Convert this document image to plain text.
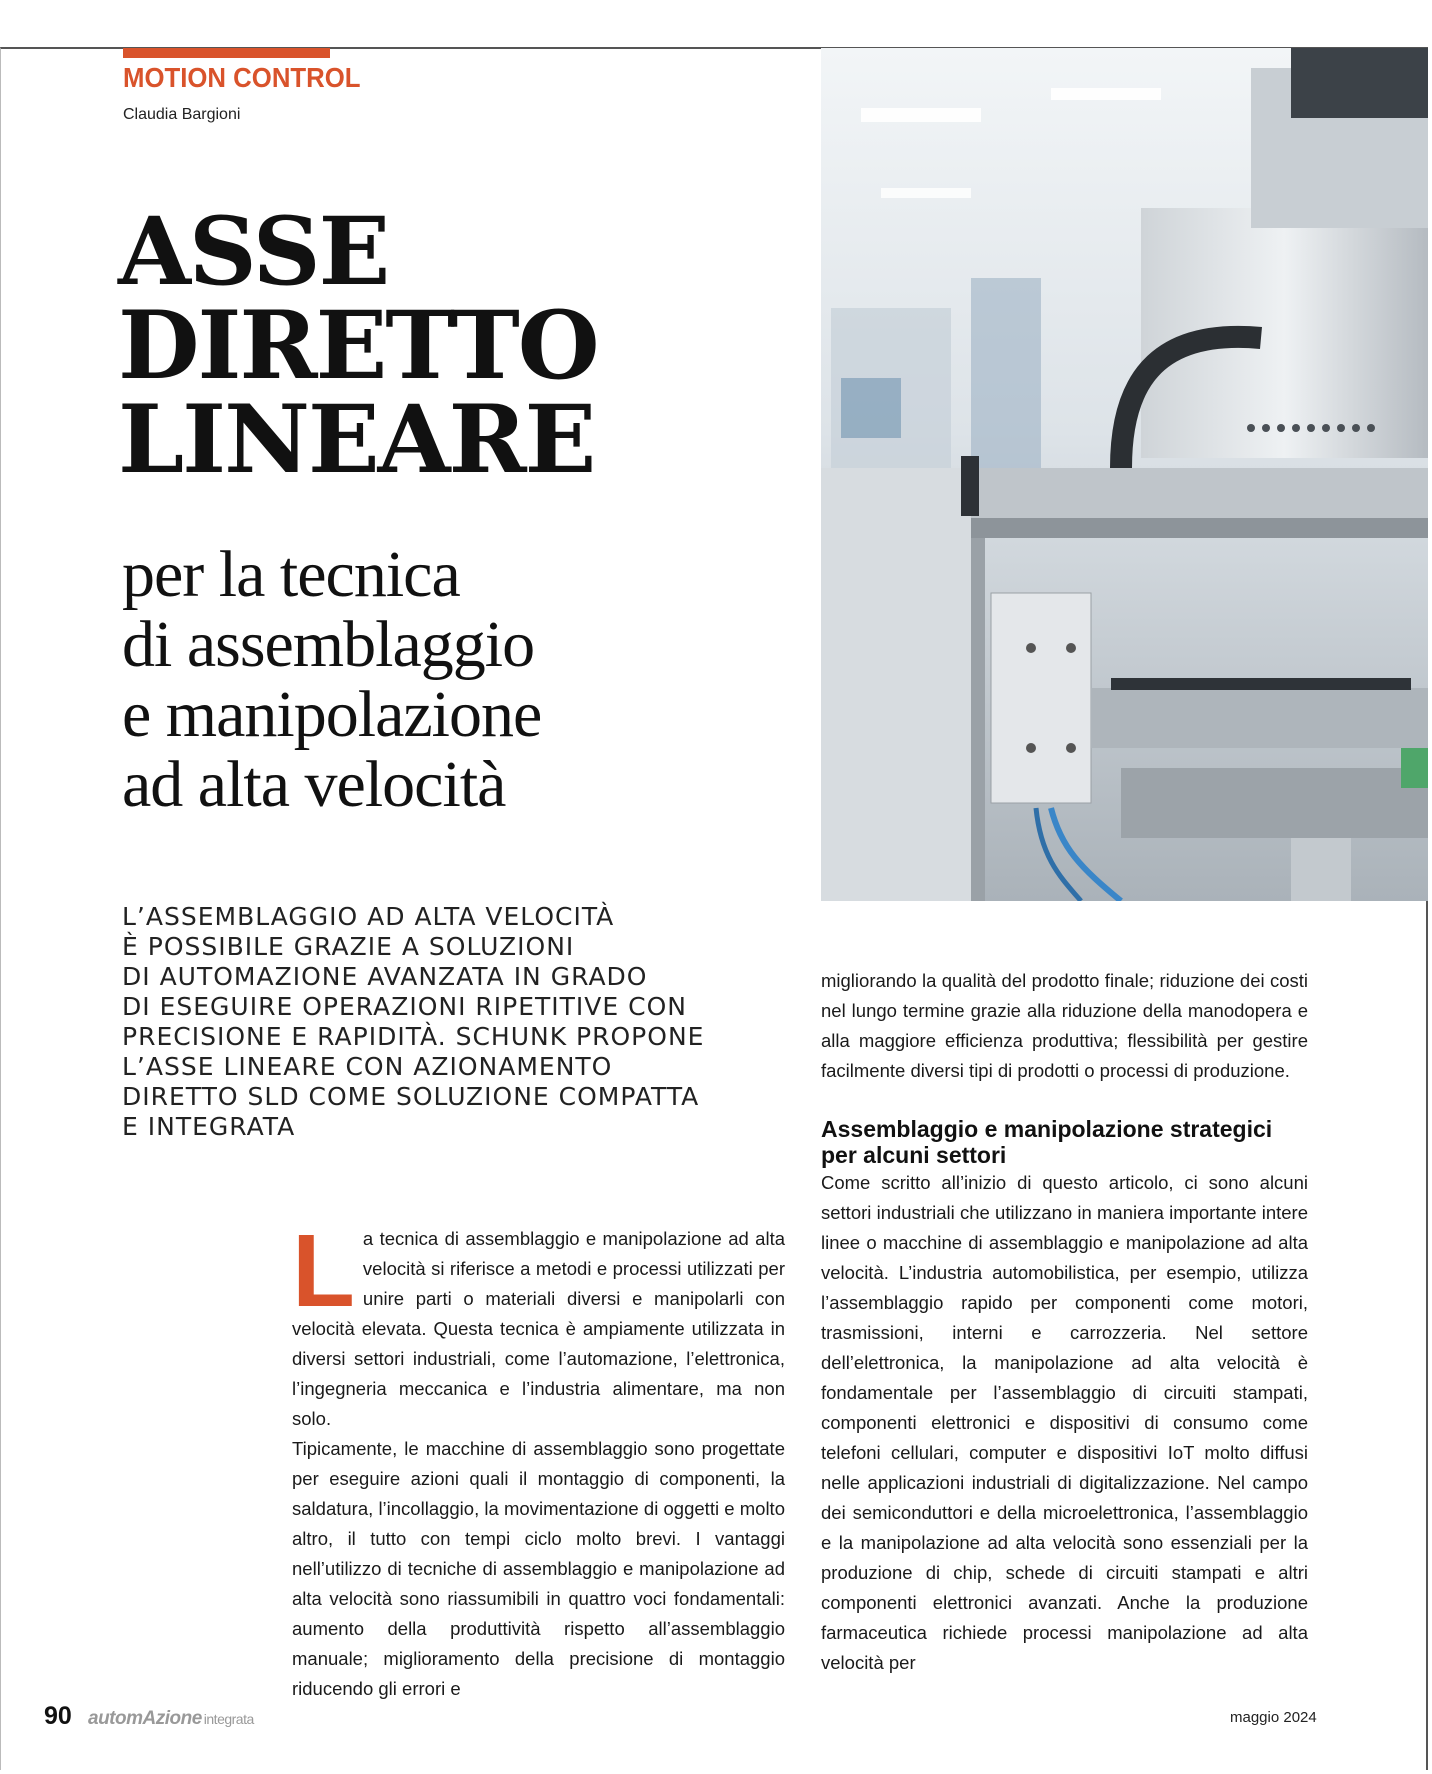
MOTION CONTROL
Claudia Bargioni
ASSE
DIRETTO
LINEARE
per la tecnica
di assemblaggio
e manipolazione
ad alta velocità
L’ASSEMBLAGGIO AD ALTA VELOCITÀ
È POSSIBILE GRAZIE A SOLUZIONI
DI AUTOMAZIONE AVANZATA IN GRADO
DI ESEGUIRE OPERAZIONI RIPETITIVE CON
PRECISIONE E RAPIDITÀ. SCHUNK PROPONE
L’ASSE LINEARE CON AZIONAMENTO
DIRETTO SLD COME SOLUZIONE COMPATTA
E INTEGRATA

La tecnica di assemblaggio e manipolazione ad alta velocità si riferisce a metodi e processi utilizzati per unire parti o materiali diversi e manipolarli con velocità elevata. Questa tecnica è ampiamente utilizzata in diversi settori industriali, come l’automazione, l’elettronica, l’ingegneria meccanica e l’industria alimentare, ma non solo.

Tipicamente, le macchine di assemblaggio sono progettate per eseguire azioni quali il montaggio di componenti, la saldatura, l’incollaggio, la movimentazione di oggetti e molto altro, il tutto con tempi ciclo molto brevi. I vantaggi nell’utilizzo di tecniche di assemblaggio e manipolazione ad alta velocità sono riassumibili in quattro voci fondamentali: aumento della produttività rispetto all’assemblaggio manuale; miglioramento della precisione di montaggio riducendo gli errori e

migliorando la qualità del prodotto finale; riduzione dei costi nel lungo termine grazie alla riduzione della manodopera e alla maggiore efficienza produttiva; flessibilità per gestire facilmente diversi tipi di prodotti o processi di produzione.

Assemblaggio e manipolazione strategici per alcuni settori

Come scritto all’inizio di questo articolo, ci sono alcuni settori industriali che utilizzano in maniera importante intere linee o macchine di assemblaggio e manipolazione ad alta velocità. L’industria automobilistica, per esempio, utilizza l’assemblaggio rapido per componenti come motori, trasmissioni, interni e carrozzeria. Nel settore dell’elettronica, la manipolazione ad alta velocità è fondamentale per l’assemblaggio di circuiti stampati, componenti elettronici e dispositivi di consumo come telefoni cellulari, computer e dispositivi IoT molto diffusi nelle applicazioni industriali di digitalizzazione. Nel campo dei semiconduttori e della microelettronica, l’assemblaggio e la manipolazione ad alta velocità sono essenziali per la produzione di chip, schede di circuiti stampati e altri componenti elettronici avanzati. Anche la produzione farmaceutica richiede processi manipolazione ad alta velocità per

90 automAzione integrata	maggio 2024
